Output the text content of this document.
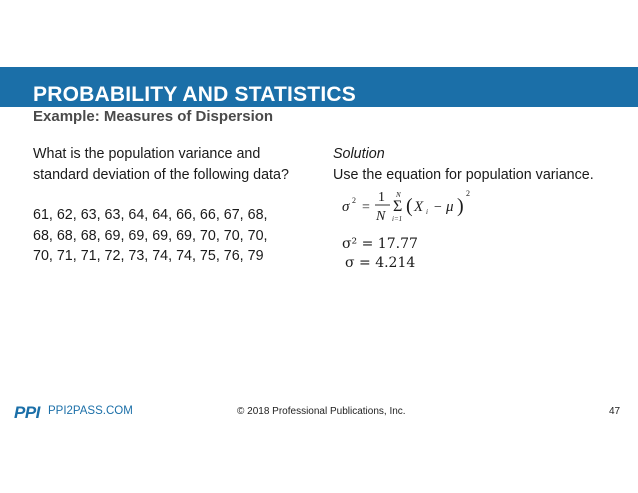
PROBABILITY AND STATISTICS
Example: Measures of Dispersion

What is the population variance and

standard deviation of the following data?

61, 62, 63, 63, 64, 64, 66, 66, 67, 68,

68, 68, 68, 69, 69, 69, 69, 70, 70, 70,

70, 71, 71, 72, 73, 74, 74, 75, 76, 79

Solution

Use the equation for population variance.

σ 2 =
1
N
N
Σ
i=1
( X i − μ )
2
σ² = 17.77
σ = 4.214
PPI PPI2PASS.COM	© 2018 Professional Publications, Inc.	47
